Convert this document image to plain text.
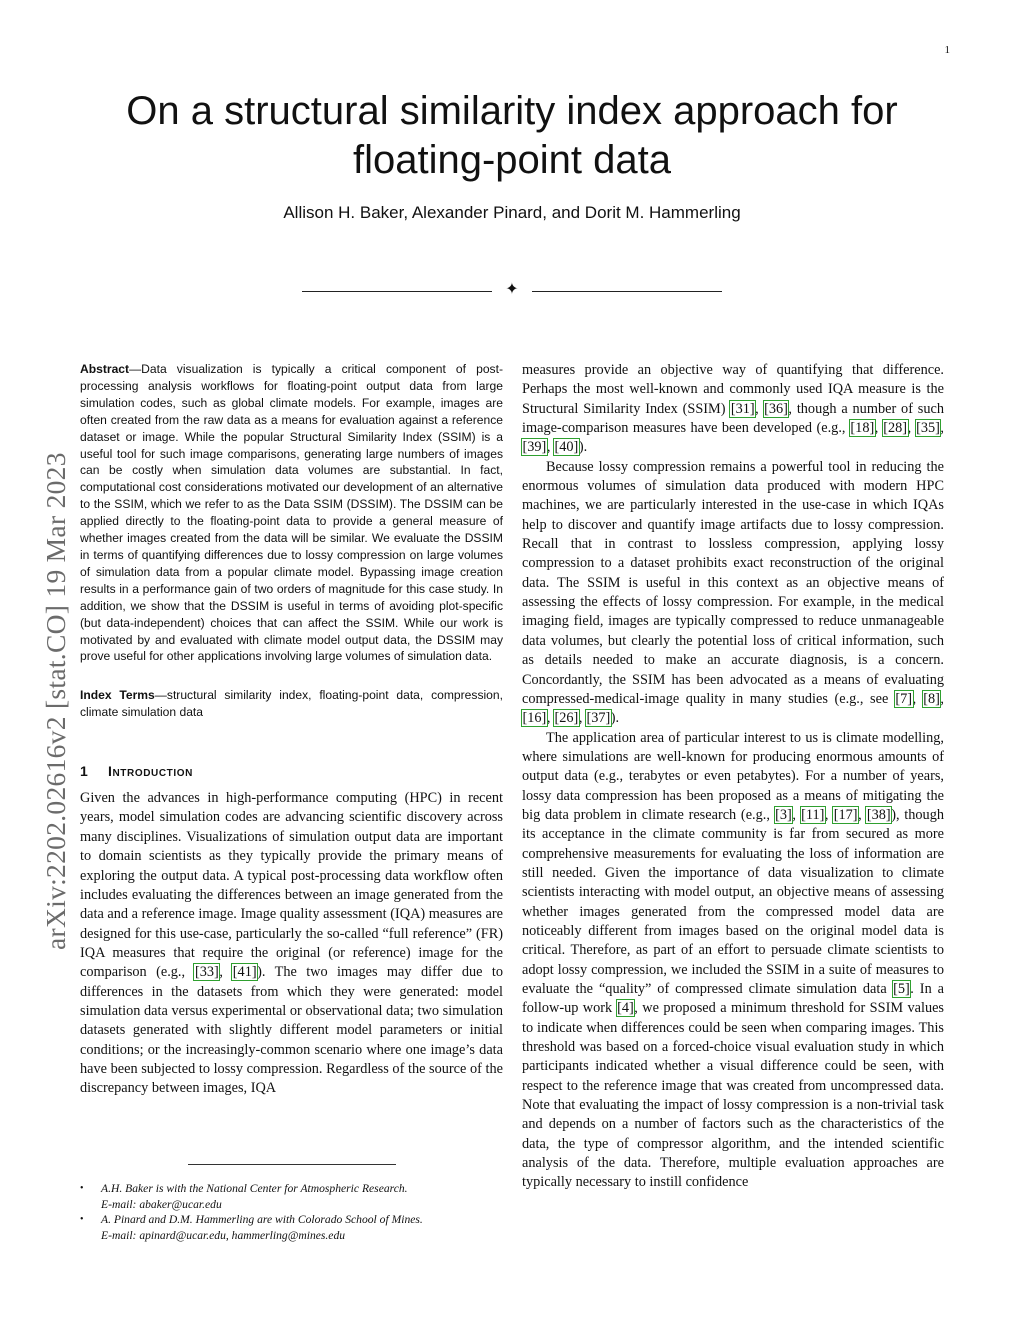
1
arXiv:2202.02616v2 [stat.CO] 19 Mar 2023
On a structural similarity index approach for
floating-point data
Allison H. Baker, Alexander Pinard, and Dorit M. Hammerling
✦

Abstract—Data visualization is typically a critical component of post-processing analysis workflows for floating-point output data from large simulation codes, such as global climate models. For example, images are often created from the raw data as a means for evaluation against a reference dataset or image. While the popular Structural Similarity Index (SSIM) is a useful tool for such image comparisons, generating large numbers of images can be costly when simulation data volumes are substantial. In fact, computational cost considerations motivated our development of an alternative to the SSIM, which we refer to as the Data SSIM (DSSIM). The DSSIM can be applied directly to the floating-point data to provide a general measure of whether images created from the data will be similar. We evaluate the DSSIM in terms of quantifying differences due to lossy compression on large volumes of simulation data from a popular climate model. Bypassing image creation results in a performance gain of two orders of magnitude for this case study. In addition, we show that the DSSIM is useful in terms of avoiding plot-specific (but data-independent) choices that can affect the SSIM. While our work is motivated by and evaluated with climate model output data, the DSSIM may prove useful for other applications involving large volumes of simulation data.

Index Terms—structural similarity index, floating-point data, compression, climate simulation data

1	Introduction

Given the advances in high-performance computing (HPC) in recent years, model simulation codes are advancing scientific discovery across many disciplines. Visualizations of simulation output data are important to domain scientists as they typically provide the primary means of exploring the output data. A typical post-processing data workflow often includes evaluating the differences between an image generated from the data and a reference image. Image quality assessment (IQA) measures are designed for this use-case, particularly the so-called “full reference” (FR) IQA measures that require the original (or reference) image for the comparison (e.g., [33], [41]). The two images may differ due to differences in the datasets from which they were generated: model simulation data versus experimental or observational data; two simulation datasets generated with slightly different model parameters or initial conditions; or the increasingly-common scenario where one image’s data have been subjected to lossy compression. Regardless of the source of the discrepancy between images, IQA

measures provide an objective way of quantifying that difference. Perhaps the most well-known and commonly used IQA measure is the Structural Similarity Index (SSIM) [31], [36], though a number of such image-comparison measures have been developed (e.g., [18], [28], [35], [39], [40]).

Because lossy compression remains a powerful tool in reducing the enormous volumes of simulation data produced with modern HPC machines, we are particularly interested in the use-case in which IQAs help to discover and quantify image artifacts due to lossy compression. Recall that in contrast to lossless compression, applying lossy compression to a dataset prohibits exact reconstruction of the original data. The SSIM is useful in this context as an objective means of assessing the effects of lossy compression. For example, in the medical imaging field, images are typically compressed to reduce unmanageable data volumes, but clearly the potential loss of critical information, such as details needed to make an accurate diagnosis, is a concern. Concordantly, the SSIM has been advocated as a means of evaluating compressed-medical-image quality in many studies (e.g., see [7], [8], [16], [26], [37]).

The application area of particular interest to us is climate modelling, where simulations are well-known for producing enormous amounts of output data (e.g., terabytes or even petabytes). For a number of years, lossy data compression has been proposed as a means of mitigating the big data problem in climate research (e.g., [3], [11], [17], [38]), though its acceptance in the climate community is far from secured as more comprehensive measurements for evaluating the loss of information are still needed. Given the importance of data visualization to climate scientists interacting with model output, an objective means of assessing whether images generated from the compressed model data are noticeably different from images based on the original model data is critical. Therefore, as part of an effort to persuade climate scientists to adopt lossy compression, we included the SSIM in a suite of measures to evaluate the “quality” of compressed climate simulation data [5]. In a follow-up work [4], we proposed a minimum threshold for SSIM values to indicate when differences could be seen when comparing images. This threshold was based on a forced-choice visual evaluation study in which participants indicated whether a visual difference could be seen, with respect to the reference image that was created from uncompressed data. Note that evaluating the impact of lossy compression is a non-trivial task and depends on a number of factors such as the characteristics of the data, the type of compressor algorithm, and the intended scientific analysis of the data. Therefore, multiple evaluation approaches are typically necessary to instill confidence

• A.H. Baker is with the National Center for Atmospheric Research.
E-mail: abaker@ucar.edu
• A. Pinard and D.M. Hammerling are with Colorado School of Mines.
E-mail: apinard@ucar.edu, hammerling@mines.edu
